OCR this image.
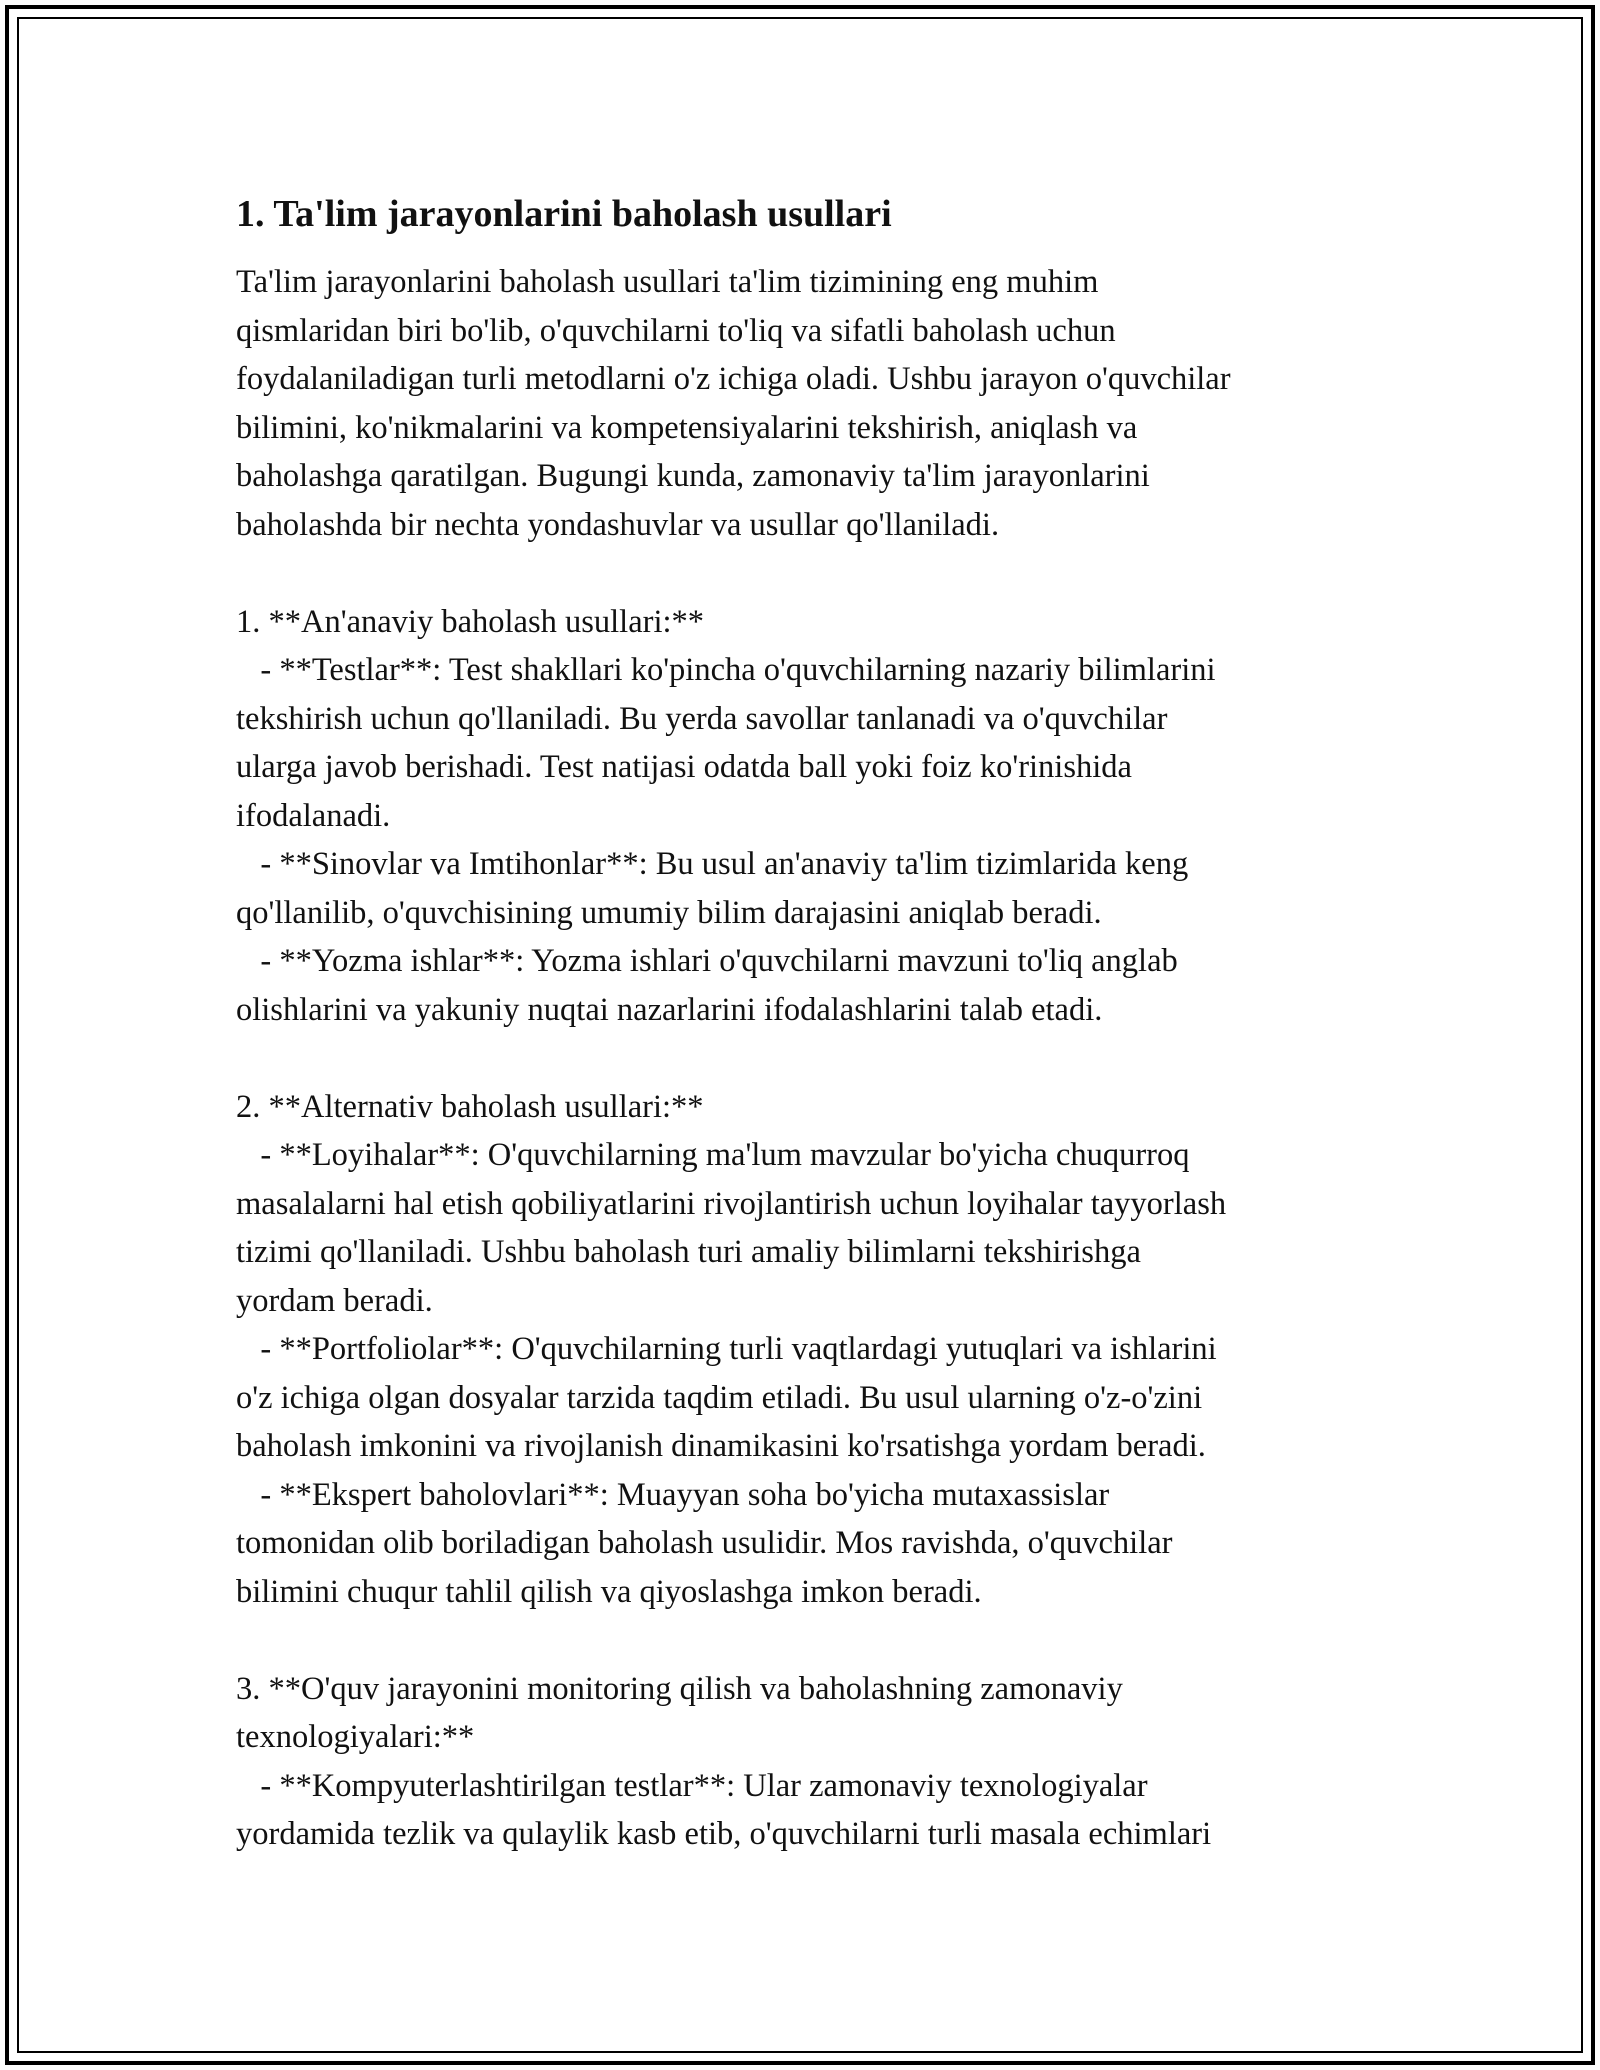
1. Ta'lim jarayonlarini baholash usullari
Ta'lim jarayonlarini baholash usullari ta'lim tizimining eng muhim
qismlaridan biri bo'lib, o'quvchilarni to'liq va sifatli baholash uchun
foydalaniladigan turli metodlarni o'z ichiga oladi. Ushbu jarayon o'quvchilar
bilimini, ko'nikmalarini va kompetensiyalarini tekshirish, aniqlash va
baholashga qaratilgan. Bugungi kunda, zamonaviy ta'lim jarayonlarini
baholashda bir nechta yondashuvlar va usullar qo'llaniladi.
1. **An'anaviy baholash usullari:**
- **Testlar**: Test shakllari ko'pincha o'quvchilarning nazariy bilimlarini
tekshirish uchun qo'llaniladi. Bu yerda savollar tanlanadi va o'quvchilar
ularga javob berishadi. Test natijasi odatda ball yoki foiz ko'rinishida
ifodalanadi.
- **Sinovlar va Imtihonlar**: Bu usul an'anaviy ta'lim tizimlarida keng
qo'llanilib, o'quvchisining umumiy bilim darajasini aniqlab beradi.
- **Yozma ishlar**: Yozma ishlari o'quvchilarni mavzuni to'liq anglab
olishlarini va yakuniy nuqtai nazarlarini ifodalashlarini talab etadi.
2. **Alternativ baholash usullari:**
- **Loyihalar**: O'quvchilarning ma'lum mavzular bo'yicha chuqurroq
masalalarni hal etish qobiliyatlarini rivojlantirish uchun loyihalar tayyorlash
tizimi qo'llaniladi. Ushbu baholash turi amaliy bilimlarni tekshirishga
yordam beradi.
- **Portfoliolar**: O'quvchilarning turli vaqtlardagi yutuqlari va ishlarini
o'z ichiga olgan dosyalar tarzida taqdim etiladi. Bu usul ularning o'z-o'zini
baholash imkonini va rivojlanish dinamikasini ko'rsatishga yordam beradi.
- **Ekspert baholovlari**: Muayyan soha bo'yicha mutaxassislar
tomonidan olib boriladigan baholash usulidir. Mos ravishda, o'quvchilar
bilimini chuqur tahlil qilish va qiyoslashga imkon beradi.
3. **O'quv jarayonini monitoring qilish va baholashning zamonaviy
texnologiyalari:**
- **Kompyuterlashtirilgan testlar**: Ular zamonaviy texnologiyalar
yordamida tezlik va qulaylik kasb etib, o'quvchilarni turli masala echimlari
